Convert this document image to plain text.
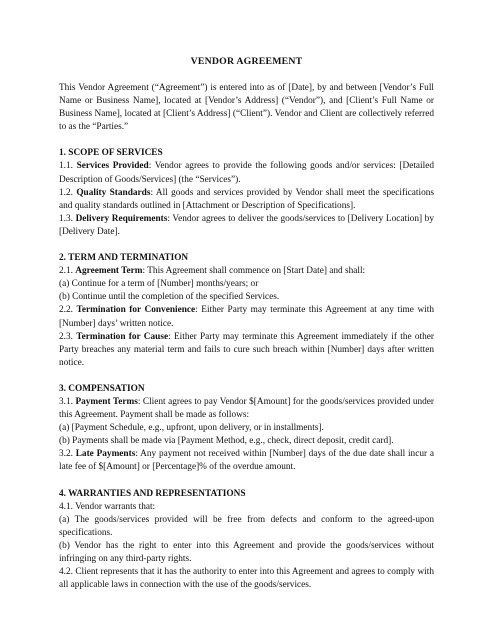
VENDOR AGREEMENT

This Vendor Agreement (“Agreement”) is entered into as of [Date], by and between [Vendor’s Full Name or Business Name], located at [Vendor’s Address] (“Vendor”), and [Client’s Full Name or Business Name], located at [Client’s Address] (“Client”). Vendor and Client are collectively referred to as the “Parties.”

1. SCOPE OF SERVICES

1.1. Services Provided: Vendor agrees to provide the following goods and/or services: [Detailed Description of Goods/Services] (the “Services”).

1.2. Quality Standards: All goods and services provided by Vendor shall meet the specifications and quality standards outlined in [Attachment or Description of Specifications].

1.3. Delivery Requirements: Vendor agrees to deliver the goods/services to [Delivery Location] by [Delivery Date].

2. TERM AND TERMINATION

2.1. Agreement Term: This Agreement shall commence on [Start Date] and shall:

(a) Continue for a term of [Number] months/years; or

(b) Continue until the completion of the specified Services.

2.2. Termination for Convenience: Either Party may terminate this Agreement at any time with [Number] days’ written notice.

2.3. Termination for Cause: Either Party may terminate this Agreement immediately if the other Party breaches any material term and fails to cure such breach within [Number] days after written notice.

3. COMPENSATION

3.1. Payment Terms: Client agrees to pay Vendor $[Amount] for the goods/services provided under this Agreement. Payment shall be made as follows:

(a) [Payment Schedule, e.g., upfront, upon delivery, or in installments].

(b) Payments shall be made via [Payment Method, e.g., check, direct deposit, credit card].

3.2. Late Payments: Any payment not received within [Number] days of the due date shall incur a late fee of $[Amount] or [Percentage]% of the overdue amount.

4. WARRANTIES AND REPRESENTATIONS

4.1. Vendor warrants that:

(a) The goods/services provided will be free from defects and conform to the agreed-upon specifications.

(b) Vendor has the right to enter into this Agreement and provide the goods/services without infringing on any third-party rights.

4.2. Client represents that it has the authority to enter into this Agreement and agrees to comply with all applicable laws in connection with the use of the goods/services.
